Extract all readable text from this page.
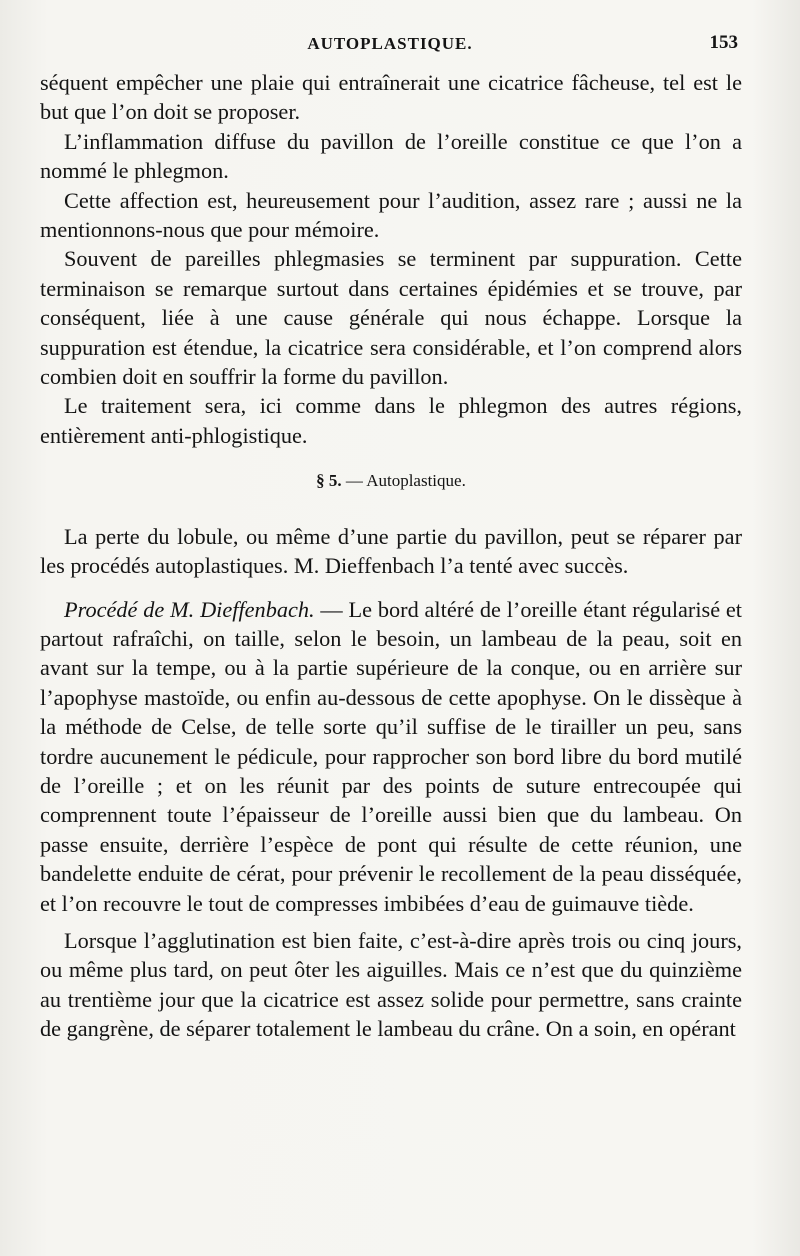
AUTOPLASTIQUE.	153

séquent empêcher une plaie qui entraînerait une cicatrice fâcheuse, tel est le but que l’on doit se proposer.

L’inflammation diffuse du pavillon de l’oreille constitue ce que l’on a nommé le phlegmon.

Cette affection est, heureusement pour l’audition, assez rare ; aussi ne la mentionnons-nous que pour mémoire.

Souvent de pareilles phlegmasies se terminent par suppuration. Cette terminaison se remarque surtout dans certaines épidémies et se trouve, par conséquent, liée à une cause générale qui nous échappe. Lorsque la suppuration est étendue, la cicatrice sera considérable, et l’on comprend alors combien doit en souffrir la forme du pavillon.

Le traitement sera, ici comme dans le phlegmon des autres régions, entièrement anti-phlogistique.

§ 5. — Autoplastique.

La perte du lobule, ou même d’une partie du pavillon, peut se réparer par les procédés autoplastiques. M. Dieffenbach l’a tenté avec succès.

Procédé de M. Dieffenbach. — Le bord altéré de l’oreille étant régularisé et partout rafraîchi, on taille, selon le besoin, un lambeau de la peau, soit en avant sur la tempe, ou à la partie supérieure de la conque, ou en arrière sur l’apophyse mastoïde, ou enfin au-dessous de cette apophyse. On le dissèque à la méthode de Celse, de telle sorte qu’il suffise de le tirailler un peu, sans tordre aucunement le pédicule, pour rapprocher son bord libre du bord mutilé de l’oreille ; et on les réunit par des points de suture entrecoupée qui comprennent toute l’épaisseur de l’oreille aussi bien que du lambeau. On passe ensuite, derrière l’espèce de pont qui résulte de cette réunion, une bandelette enduite de cérat, pour prévenir le recollement de la peau disséquée, et l’on recouvre le tout de compresses imbibées d’eau de guimauve tiède.

Lorsque l’agglutination est bien faite, c’est-à-dire après trois ou cinq jours, ou même plus tard, on peut ôter les aiguilles. Mais ce n’est que du quinzième au trentième jour que la cicatrice est assez solide pour permettre, sans crainte de gangrène, de séparer totalement le lambeau du crâne. On a soin, en opérant
